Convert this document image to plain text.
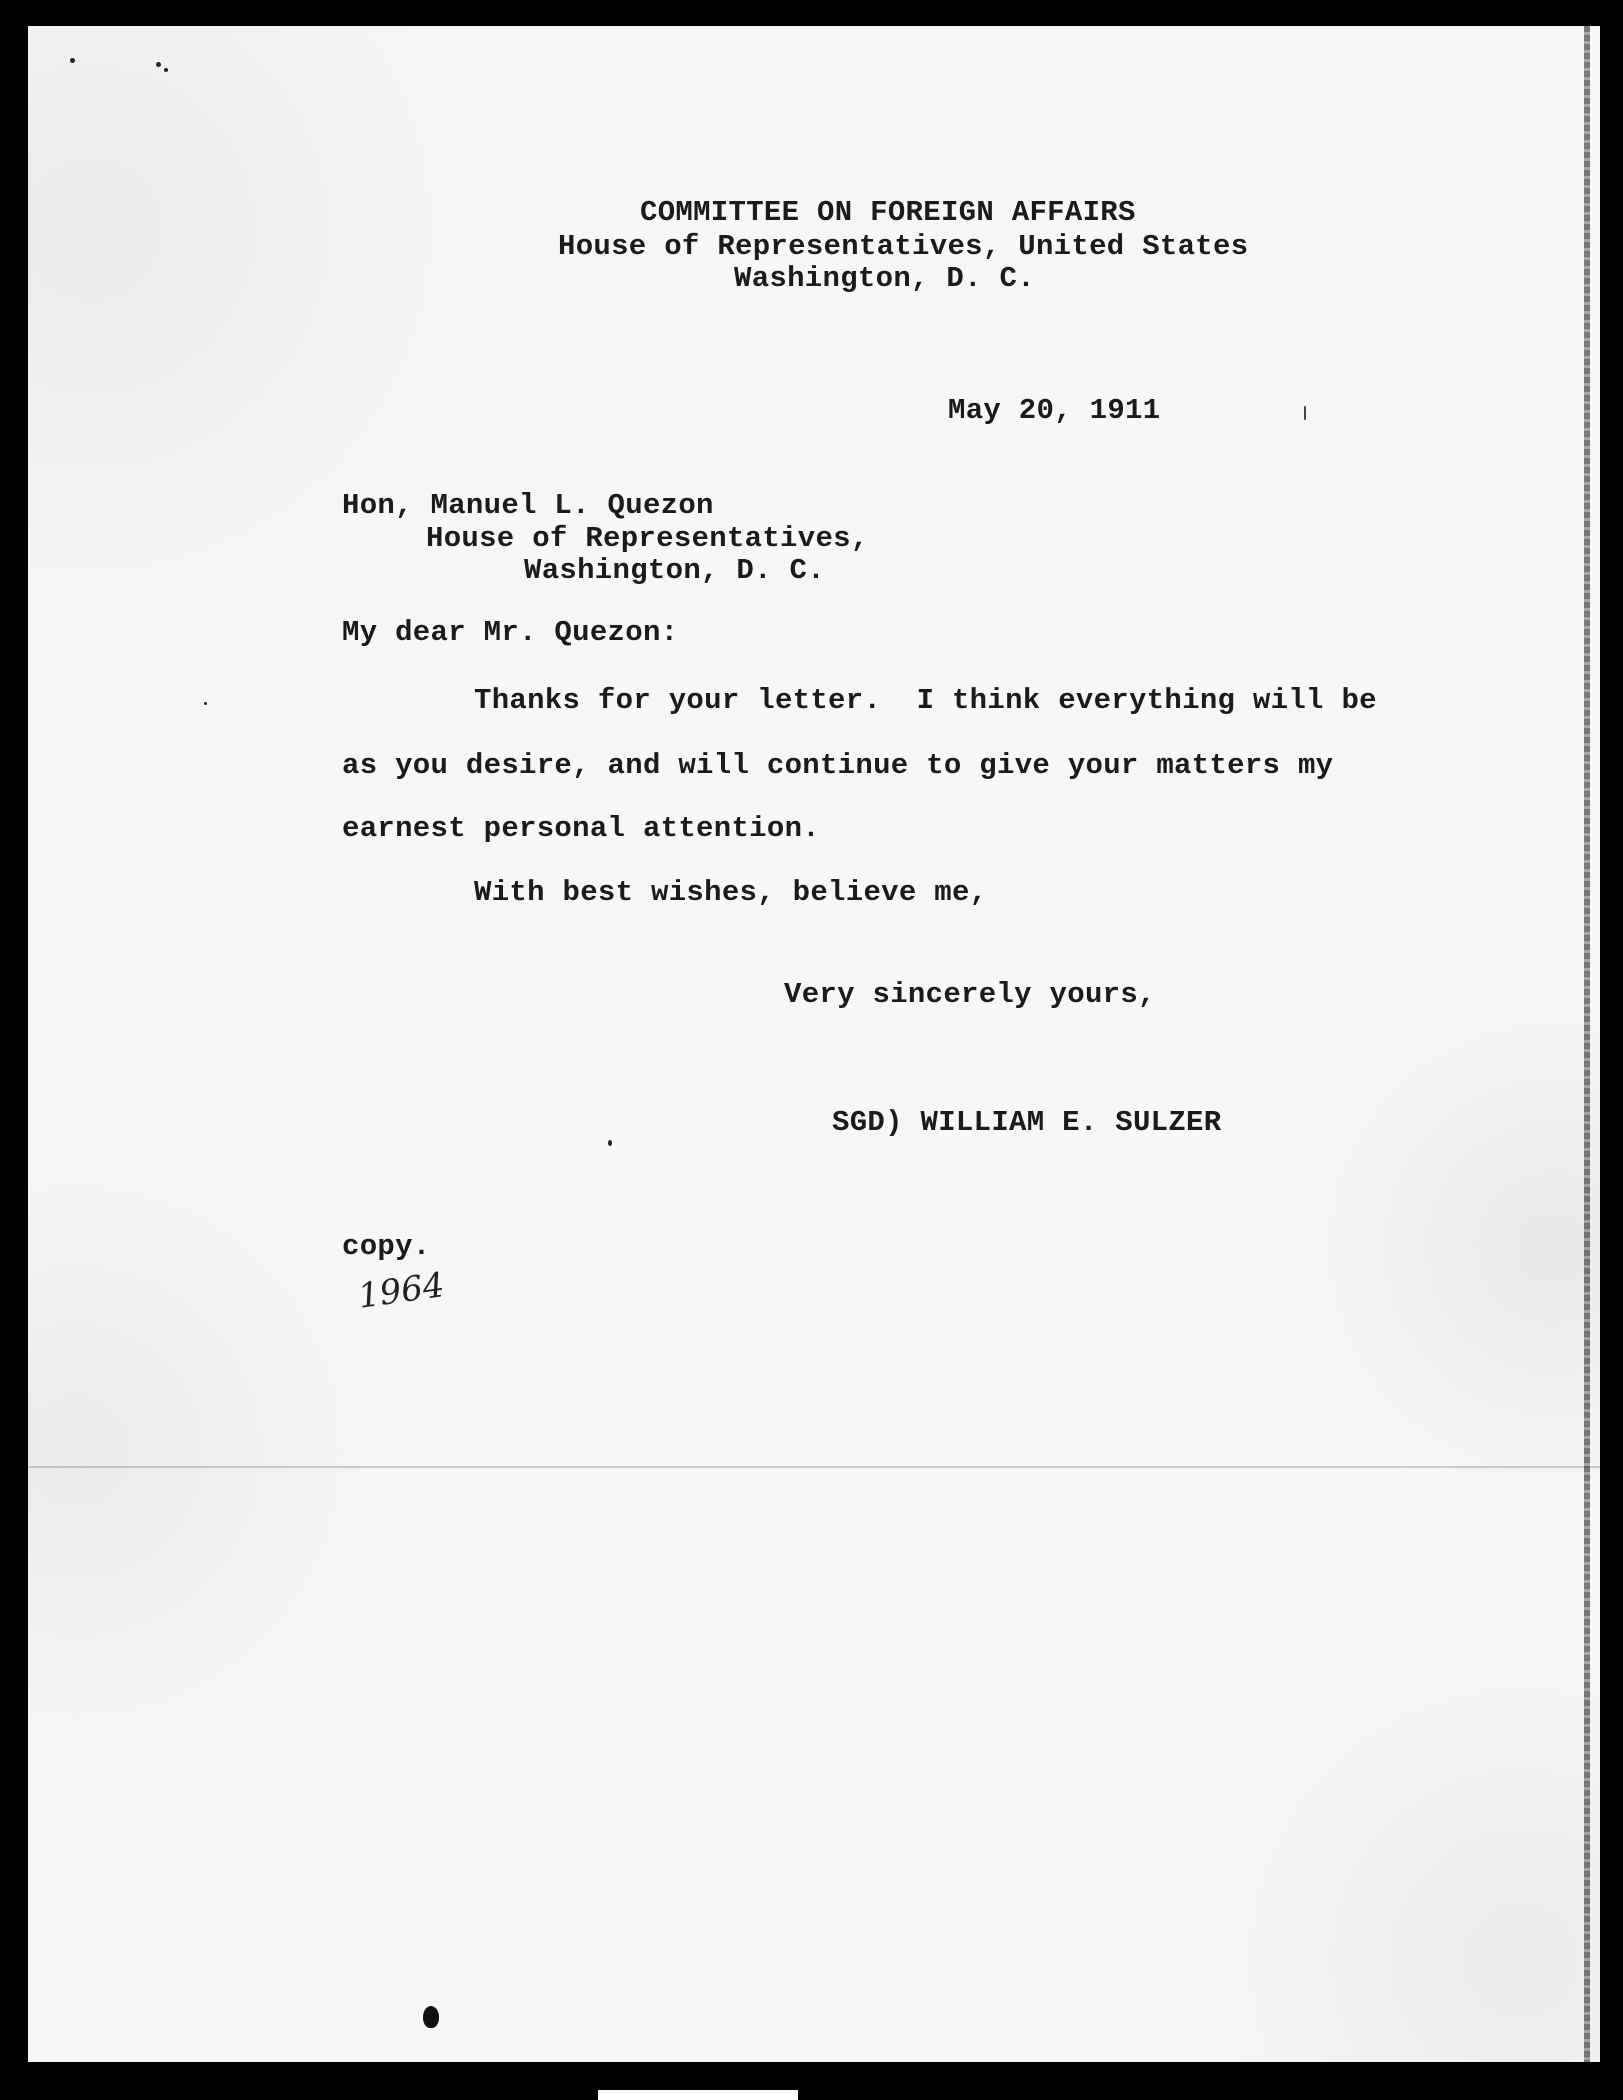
COMMITTEE ON FOREIGN AFFAIRS
House of Representatives, United States
Washington, D. C.
May 20, 1911
Hon, Manuel L. Quezon
House of Representatives,
Washington, D. C.
My dear Mr. Quezon:
Thanks for your letter.  I think everything will be
as you desire, and will continue to give your matters my
earnest personal attention.
With best wishes, believe me,
Very sincerely yours,
SGD) WILLIAM E. SULZER
copy.
1964
